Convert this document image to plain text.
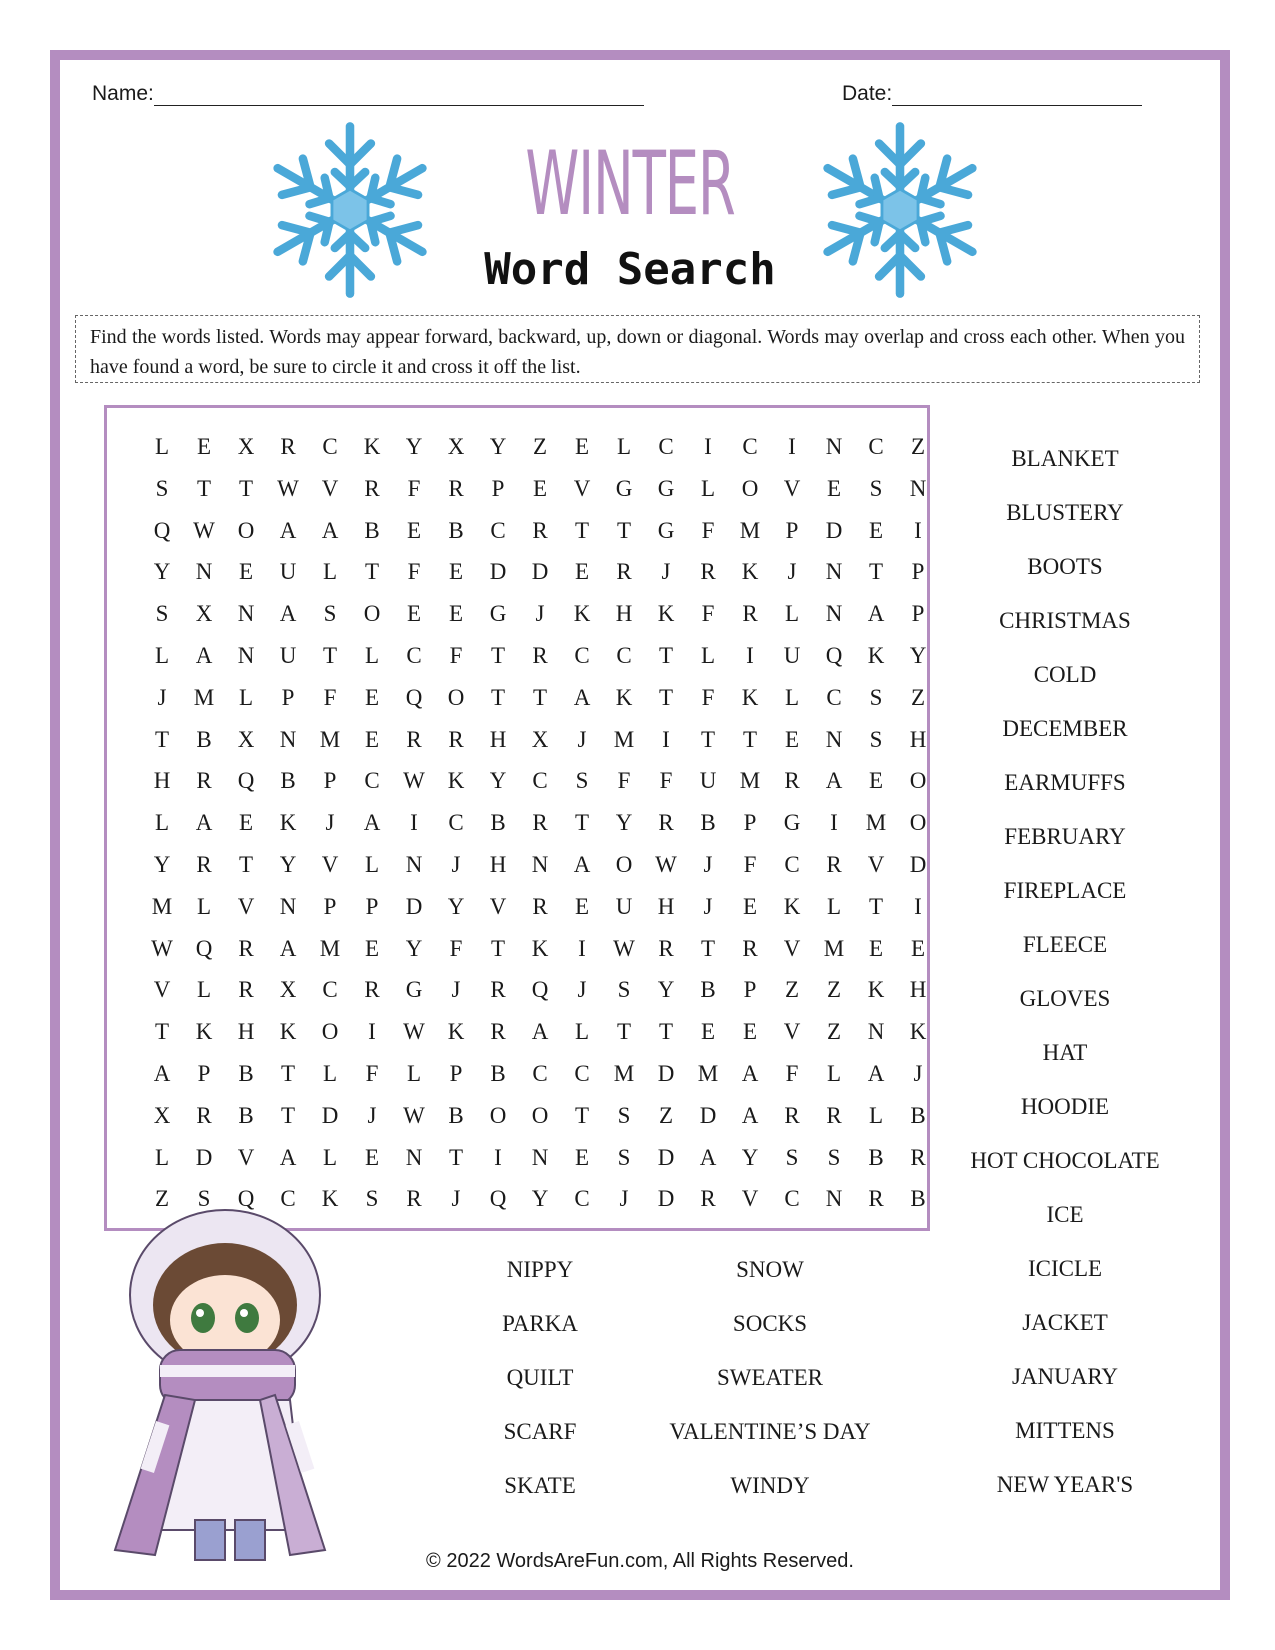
Name:	Date:
WINTER
Word Search
Find the words listed. Words may appear forward, backward, up, down or diagonal. Words may overlap and cross each other. When you have found a word, be sure to circle it and cross it off the list.
L	E	X	R	C	K	Y	X	Y	Z	E	L	C	I	C	I	N	C	Z
S	T	T	W V	R	F	R	P	E	V	G	G	L	O	V	E	S	N
Q W O	A	A	B	E	B	C	R	T	T	G	F	M	P	D	E	I
Y	N	E	U	L	T	F	E	D	D	E	R	J	R	K	J	N	T	P
S	X	N	A	S	O	E	E	G	J	K	H	K	F	R	L	N	A	P
L	A	N	U	T	L	C	F	T	R	C	C	T	L	I	U	Q	K	Y
J	M	L	P	F	E	Q	O	T	T	A	K	T	F	K	L	C	S	Z
T	B	X	N	M	E	R	R	H	X	J	M	I	T	T	E	N	S	H
H	R	Q	B	P	C	W K	Y	C	S	F	F	U	M	R	A	E	O
L	A	E	K	J	A	I	C	B	R	T	Y	R	B	P	G	I	M	O
Y	R	T	Y	V	L	N	J	H	N	A	O W	J	F	C	R	V	D
M	L	V	N	P	P	D	Y	V	R	E	U	H	J	E	K	L	T	I
W Q	R	A	M	E	Y	F	T	K	I	W	R	T	R	V	M	E	E
V	L	R	X	C	R	G	J	R	Q	J	S	Y	B	P	Z	Z	K	H
T	K	H	K	O	I	W K	R	A	L	T	T	E	E	V	Z	N	K
A	P	B	T	L	F	L	P	B	C	C	M	D	M	A	F	L	A	J
X	R	B	T	D	J	W	B	O	O	T	S	Z	D	A	R	R	L	B
L	D	V	A	L	E	N	T	I	N	E	S	D	A	Y	S	S	B	R
Z	S	Q	C	K	S	R	J	Q	Y	C	J	D	R	V	C	N	R	B
BLANKET
BLUSTERY
BOOTS
CHRISTMAS
COLD
DECEMBER
EARMUFFS
FEBRUARY
FIREPLACE
FLEECE
GLOVES
HAT
HOODIE
HOT CHOCOLATE
ICE
ICICLE
JACKET
JANUARY
MITTENS
NEW YEAR'S
NIPPY
PARKA
QUILT
SCARF
SKATE
SNOW
SOCKS
SWEATER
VALENTINE’S DAY
WINDY
© 2022 WordsAreFun.com, All Rights Reserved.
